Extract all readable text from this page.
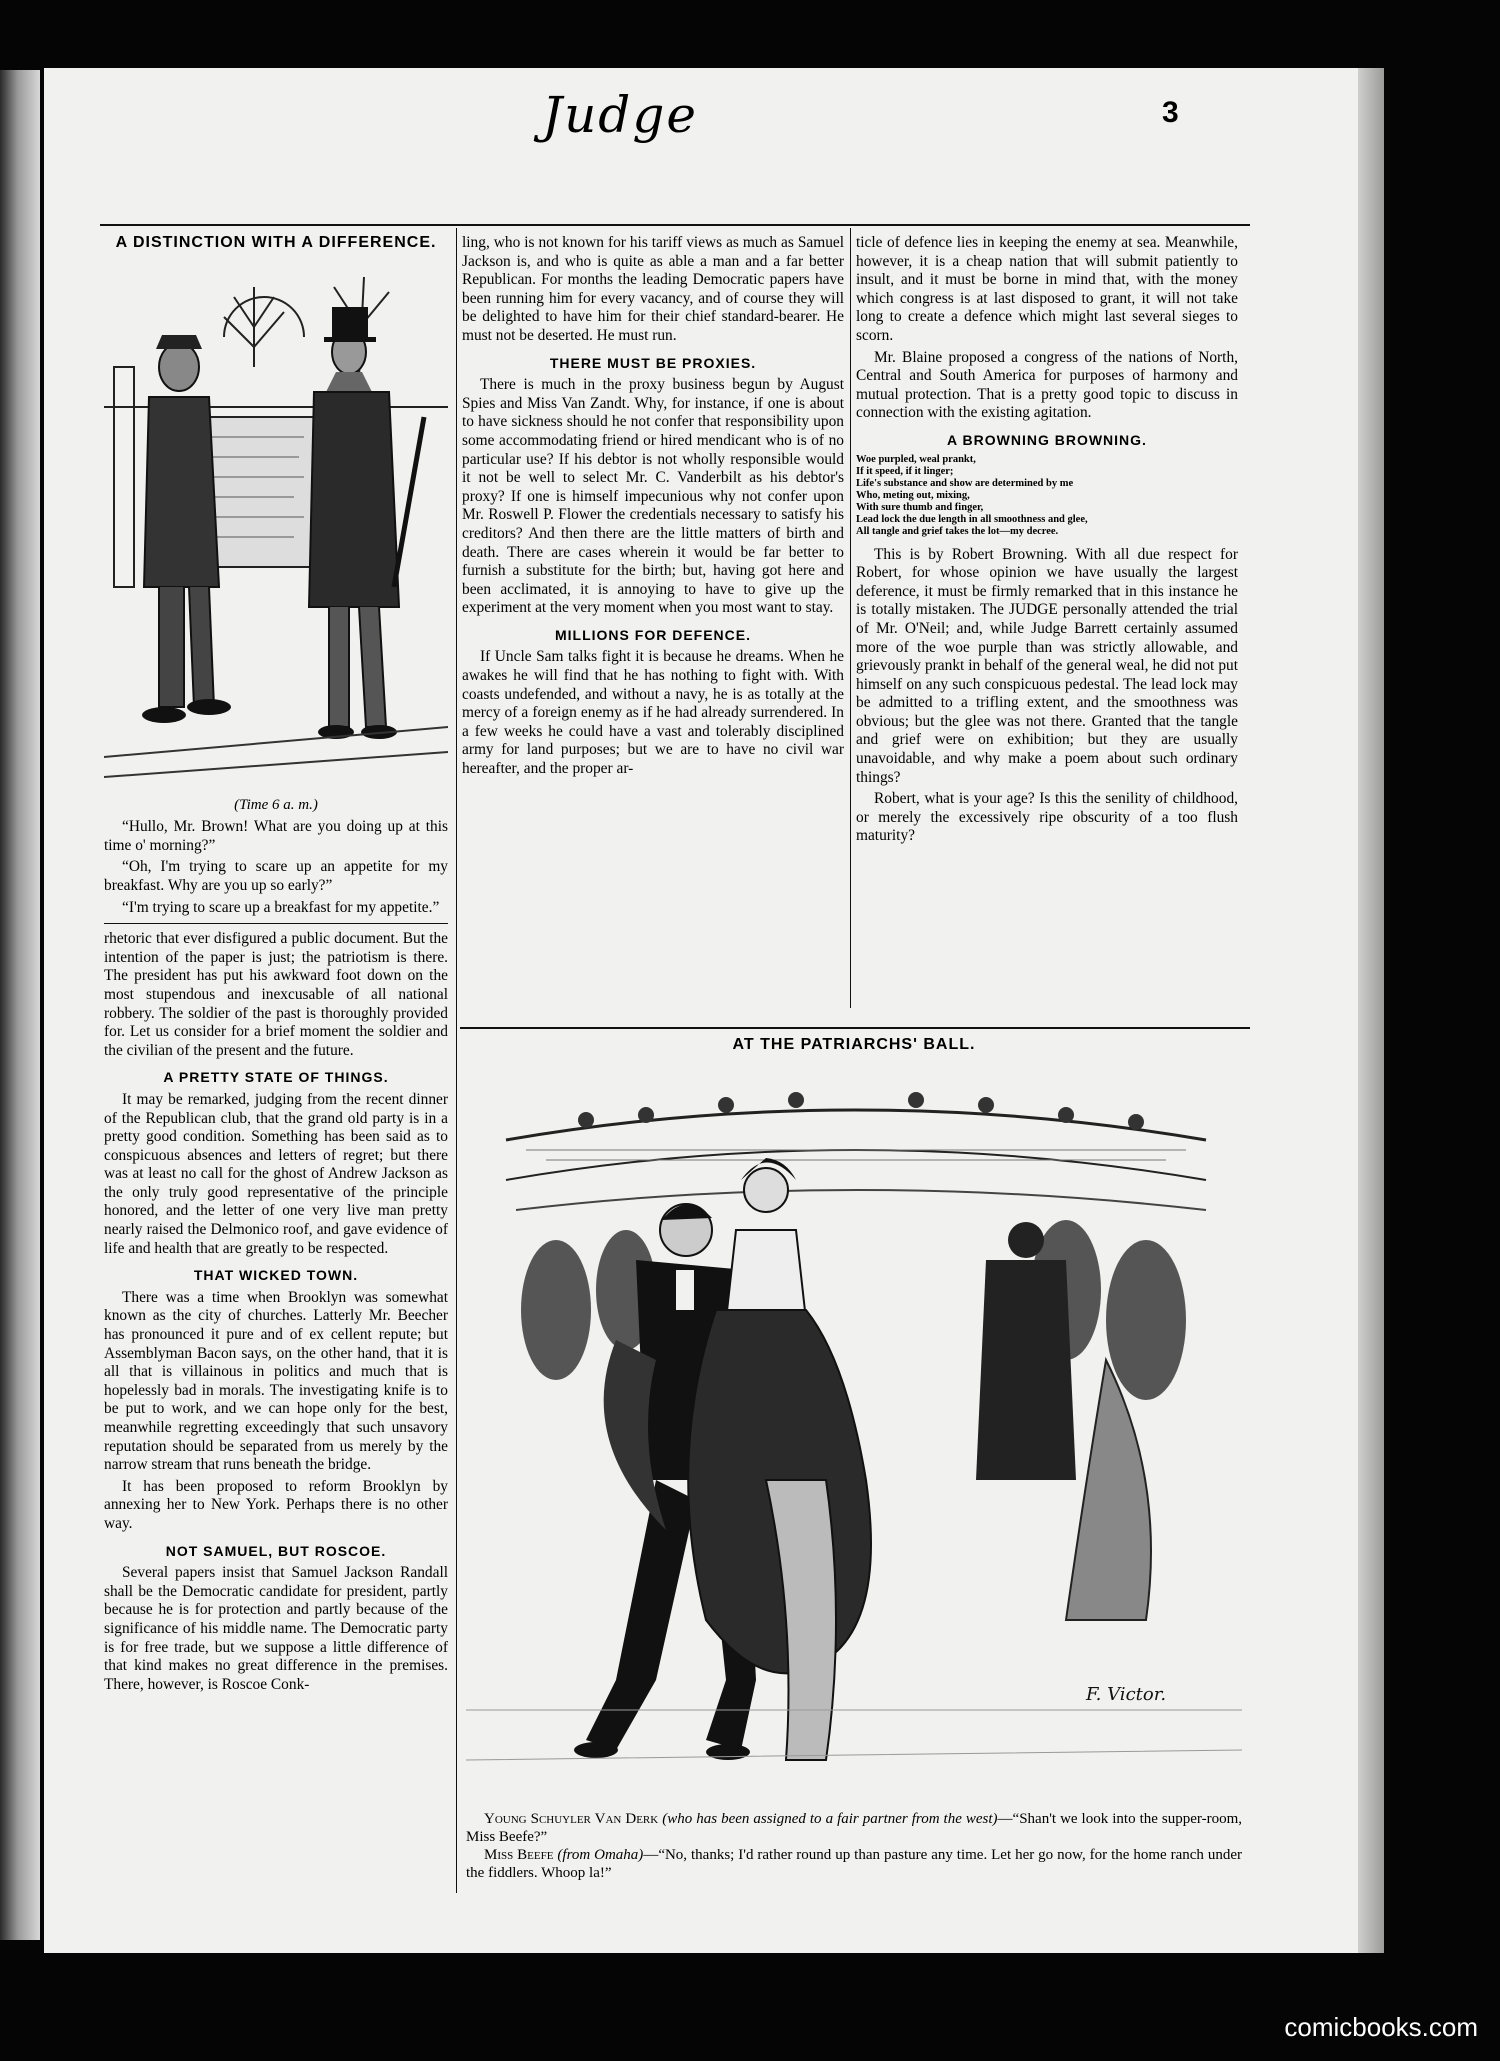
Judge	3
A DISTINCTION WITH A DIFFERENCE.
(Time 6 a. m.)

“Hullo, Mr. Brown! What are you doing up at this time o' morning?”

“Oh, I'm trying to scare up an appetite for my breakfast. Why are you up so early?”

“I'm trying to scare up a breakfast for my appetite.”

rhetoric that ever disfigured a public document. But the intention of the paper is just; the patriotism is there. The president has put his awkward foot down on the most stupendous and inexcusable of all national robbery. The soldier of the past is thoroughly provided for. Let us consider for a brief moment the soldier and the civilian of the present and the future.

A PRETTY STATE OF THINGS.

It may be remarked, judging from the recent dinner of the Republican club, that the grand old party is in a pretty good condition. Something has been said as to conspicuous absences and letters of regret; but there was at least no call for the ghost of Andrew Jackson as the only truly good representative of the principle honored, and the letter of one very live man pretty nearly raised the Delmonico roof, and gave evidence of life and health that are greatly to be respected.

THAT WICKED TOWN.

There was a time when Brooklyn was somewhat known as the city of churches. Latterly Mr. Beecher has pronounced it pure and of ex cellent repute; but Assemblyman Bacon says, on the other hand, that it is all that is villainous in politics and much that is hopelessly bad in morals. The investigating knife is to be put to work, and we can hope only for the best, meanwhile regretting exceedingly that such unsavory reputation should be separated from us merely by the narrow stream that runs beneath the bridge.

It has been proposed to reform Brooklyn by annexing her to New York. Perhaps there is no other way.

NOT SAMUEL, BUT ROSCOE.

Several papers insist that Samuel Jackson Randall shall be the Democratic candidate for president, partly because he is for protection and partly because of the significance of his middle name. The Democratic party is for free trade, but we suppose a little difference of that kind makes no great difference in the premises. There, however, is Roscoe Conk-

ling, who is not known for his tariff views as much as Samuel Jackson is, and who is quite as able a man and a far better Republican. For months the leading Democratic papers have been running him for every vacancy, and of course they will be delighted to have him for their chief standard-bearer. He must not be deserted. He must run.

THERE MUST BE PROXIES.

There is much in the proxy business begun by August Spies and Miss Van Zandt. Why, for instance, if one is about to have sickness should he not confer that responsibility upon some accommodating friend or hired mendicant who is of no particular use? If his debtor is not wholly responsible would it not be well to select Mr. C. Vanderbilt as his debtor's proxy? If one is himself impecunious why not confer upon Mr. Roswell P. Flower the credentials necessary to satisfy his creditors? And then there are the little matters of birth and death. There are cases wherein it would be far better to furnish a substitute for the birth; but, having got here and been acclimated, it is annoying to have to give up the experiment at the very moment when you most want to stay.

MILLIONS FOR DEFENCE.

If Uncle Sam talks fight it is because he dreams. When he awakes he will find that he has nothing to fight with. With coasts undefended, and without a navy, he is as totally at the mercy of a foreign enemy as if he had already surrendered. In a few weeks he could have a vast and tolerably disciplined army for land purposes; but we are to have no civil war hereafter, and the proper ar-

ticle of defence lies in keeping the enemy at sea. Meanwhile, however, it is a cheap nation that will submit patiently to insult, and it must be borne in mind that, with the money which congress is at last disposed to grant, it will not take long to create a defence which might last several sieges to scorn.

Mr. Blaine proposed a congress of the nations of North, Central and South America for purposes of harmony and mutual protection. That is a pretty good topic to discuss in connection with the existing agitation.

A BROWNING BROWNING.
Woe purpled, weal prankt,
If it speed, if it linger;
Life's substance and show are determined by me
Who, meting out, mixing,
With sure thumb and finger,
Lead lock the due length in all smoothness and glee,
All tangle and grief takes the lot—my decree.

This is by Robert Browning. With all due respect for Robert, for whose opinion we have usually the largest deference, it must be firmly remarked that in this instance he is totally mistaken. The JUDGE personally attended the trial of Mr. O'Neil; and, while Judge Barrett certainly assumed more of the woe purple than was strictly allowable, and grievously prankt in behalf of the general weal, he did not put himself on any such conspicuous pedestal. The lead lock may be admitted to a trifling extent, and the smoothness was obvious; but the glee was not there. Granted that the tangle and grief were on exhibition; but they are usually unavoidable, and why make a poem about such ordinary things?

Robert, what is your age? Is this the senility of childhood, or merely the excessively ripe obscurity of a too flush maturity?

AT THE PATRIARCHS' BALL.
F. Victor.
Young Schuyler Van Derk (who has been assigned to a fair partner from the west)—“Shan't we look into the supper-room, Miss Beefe?”
Miss Beefe (from Omaha)—“No, thanks; I'd rather round up than pasture any time. Let her go now, for the home ranch under the fiddlers. Whoop la!”
comicbooks.com
